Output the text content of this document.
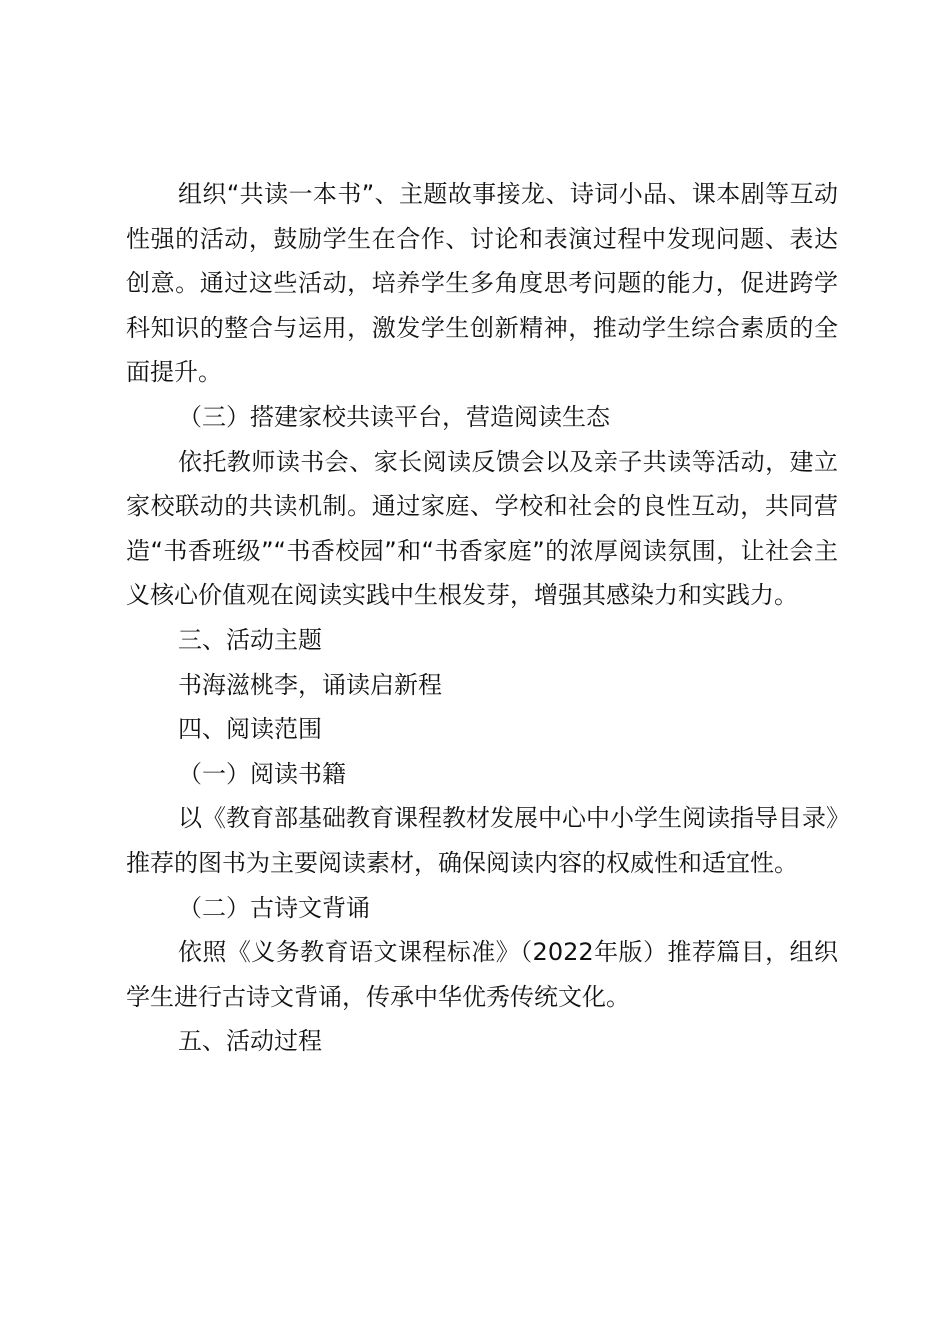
组织“共读一本书”、主题故事接龙、诗词小品、课本剧等互动性强的活动，鼓励学生在合作、讨论和表演过程中发现问题、表达创意。通过这些活动，培养学生多角度思考问题的能力，促进跨学科知识的整合与运用，激发学生创新精神，推动学生综合素质的全面提升。

（三）搭建家校共读平台，营造阅读生态

依托教师读书会、家长阅读反馈会以及亲子共读等活动，建立家校联动的共读机制。通过家庭、学校和社会的良性互动，共同营造“书香班级”“书香校园”和“书香家庭”的浓厚阅读氛围，让社会主义核心价值观在阅读实践中生根发芽，增强其感染力和实践力。

三、活动主题

书海滋桃李，诵读启新程

四、阅读范围

（一）阅读书籍

以《教育部基础教育课程教材发展中心中小学生阅读指导目录》推荐的图书为主要阅读素材，确保阅读内容的权威性和适宜性。

（二）古诗文背诵

依照《义务教育语文课程标准》（2022年版）推荐篇目，组织学生进行古诗文背诵，传承中华优秀传统文化。

五、活动过程
